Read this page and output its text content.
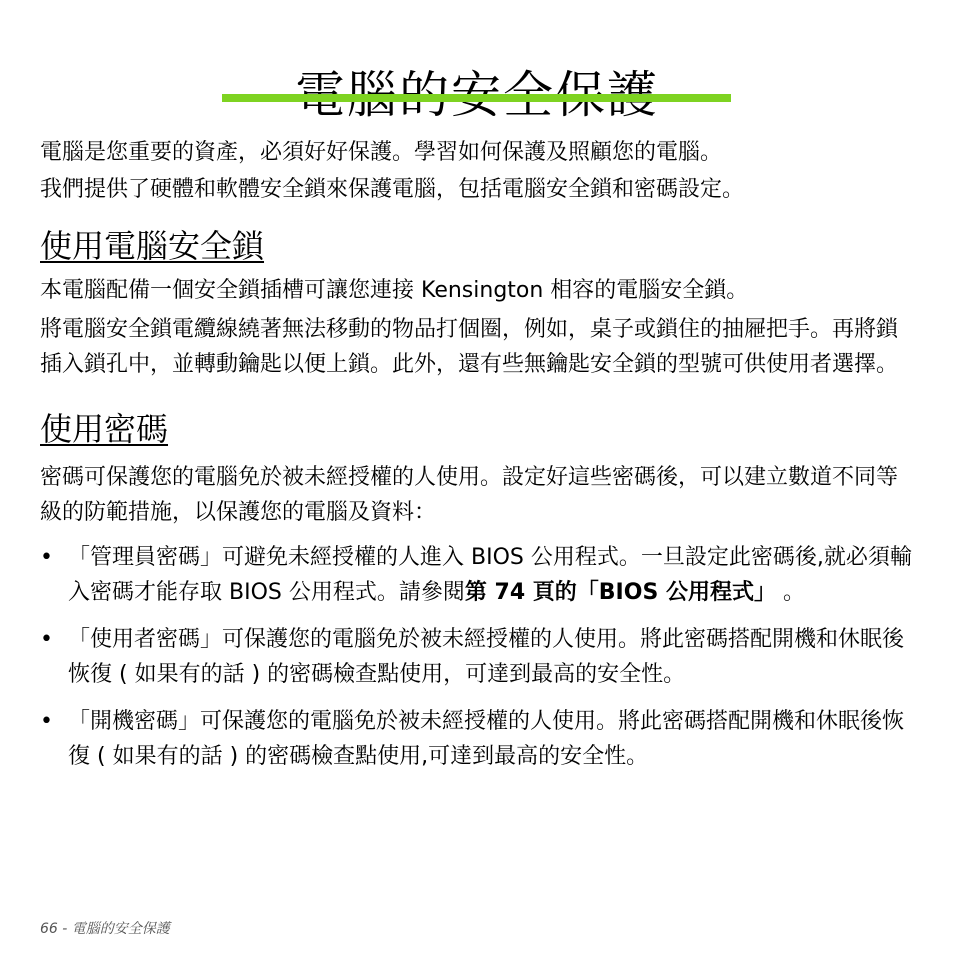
電腦是您重要的資產，必須好好保護。學習如何保護及照顧您的電腦。

我們提供了硬體和軟體安全鎖來保護電腦，包括電腦安全鎖和密碼設定。

使用電腦安全鎖

本電腦配備一個安全鎖插槽可讓您連接 Kensington 相容的電腦安全鎖。

將電腦安全鎖電纜線繞著無法移動的物品打個圈，例如，桌子或鎖住的抽屜把手。再將鎖插入鎖孔中，並轉動鑰匙以便上鎖。此外，還有些無鑰匙安全鎖的型號可供使用者選擇。

使用密碼

密碼可保護您的電腦免於被未經授權的人使用。設定好這些密碼後，可以建立數道不同等級的防範措施，以保護您的電腦及資料：

• 「管理員密碼」可避免未經授權的人進入 BIOS 公用程式。一旦設定此密碼後,就必須輸入密碼才能存取 BIOS 公用程式。請參閱第 74 頁的「BIOS 公用程式」 。
• 「使用者密碼」可保護您的電腦免於被未經授權的人使用。將此密碼搭配開機和休眠後恢復 ( 如果有的話 ) 的密碼檢查點使用，可達到最高的安全性。
• 「開機密碼」可保護您的電腦免於被未經授權的人使用。將此密碼搭配開機和休眠後恢復 ( 如果有的話 ) 的密碼檢查點使用,可達到最高的安全性。
66 - 電腦的安全保護
